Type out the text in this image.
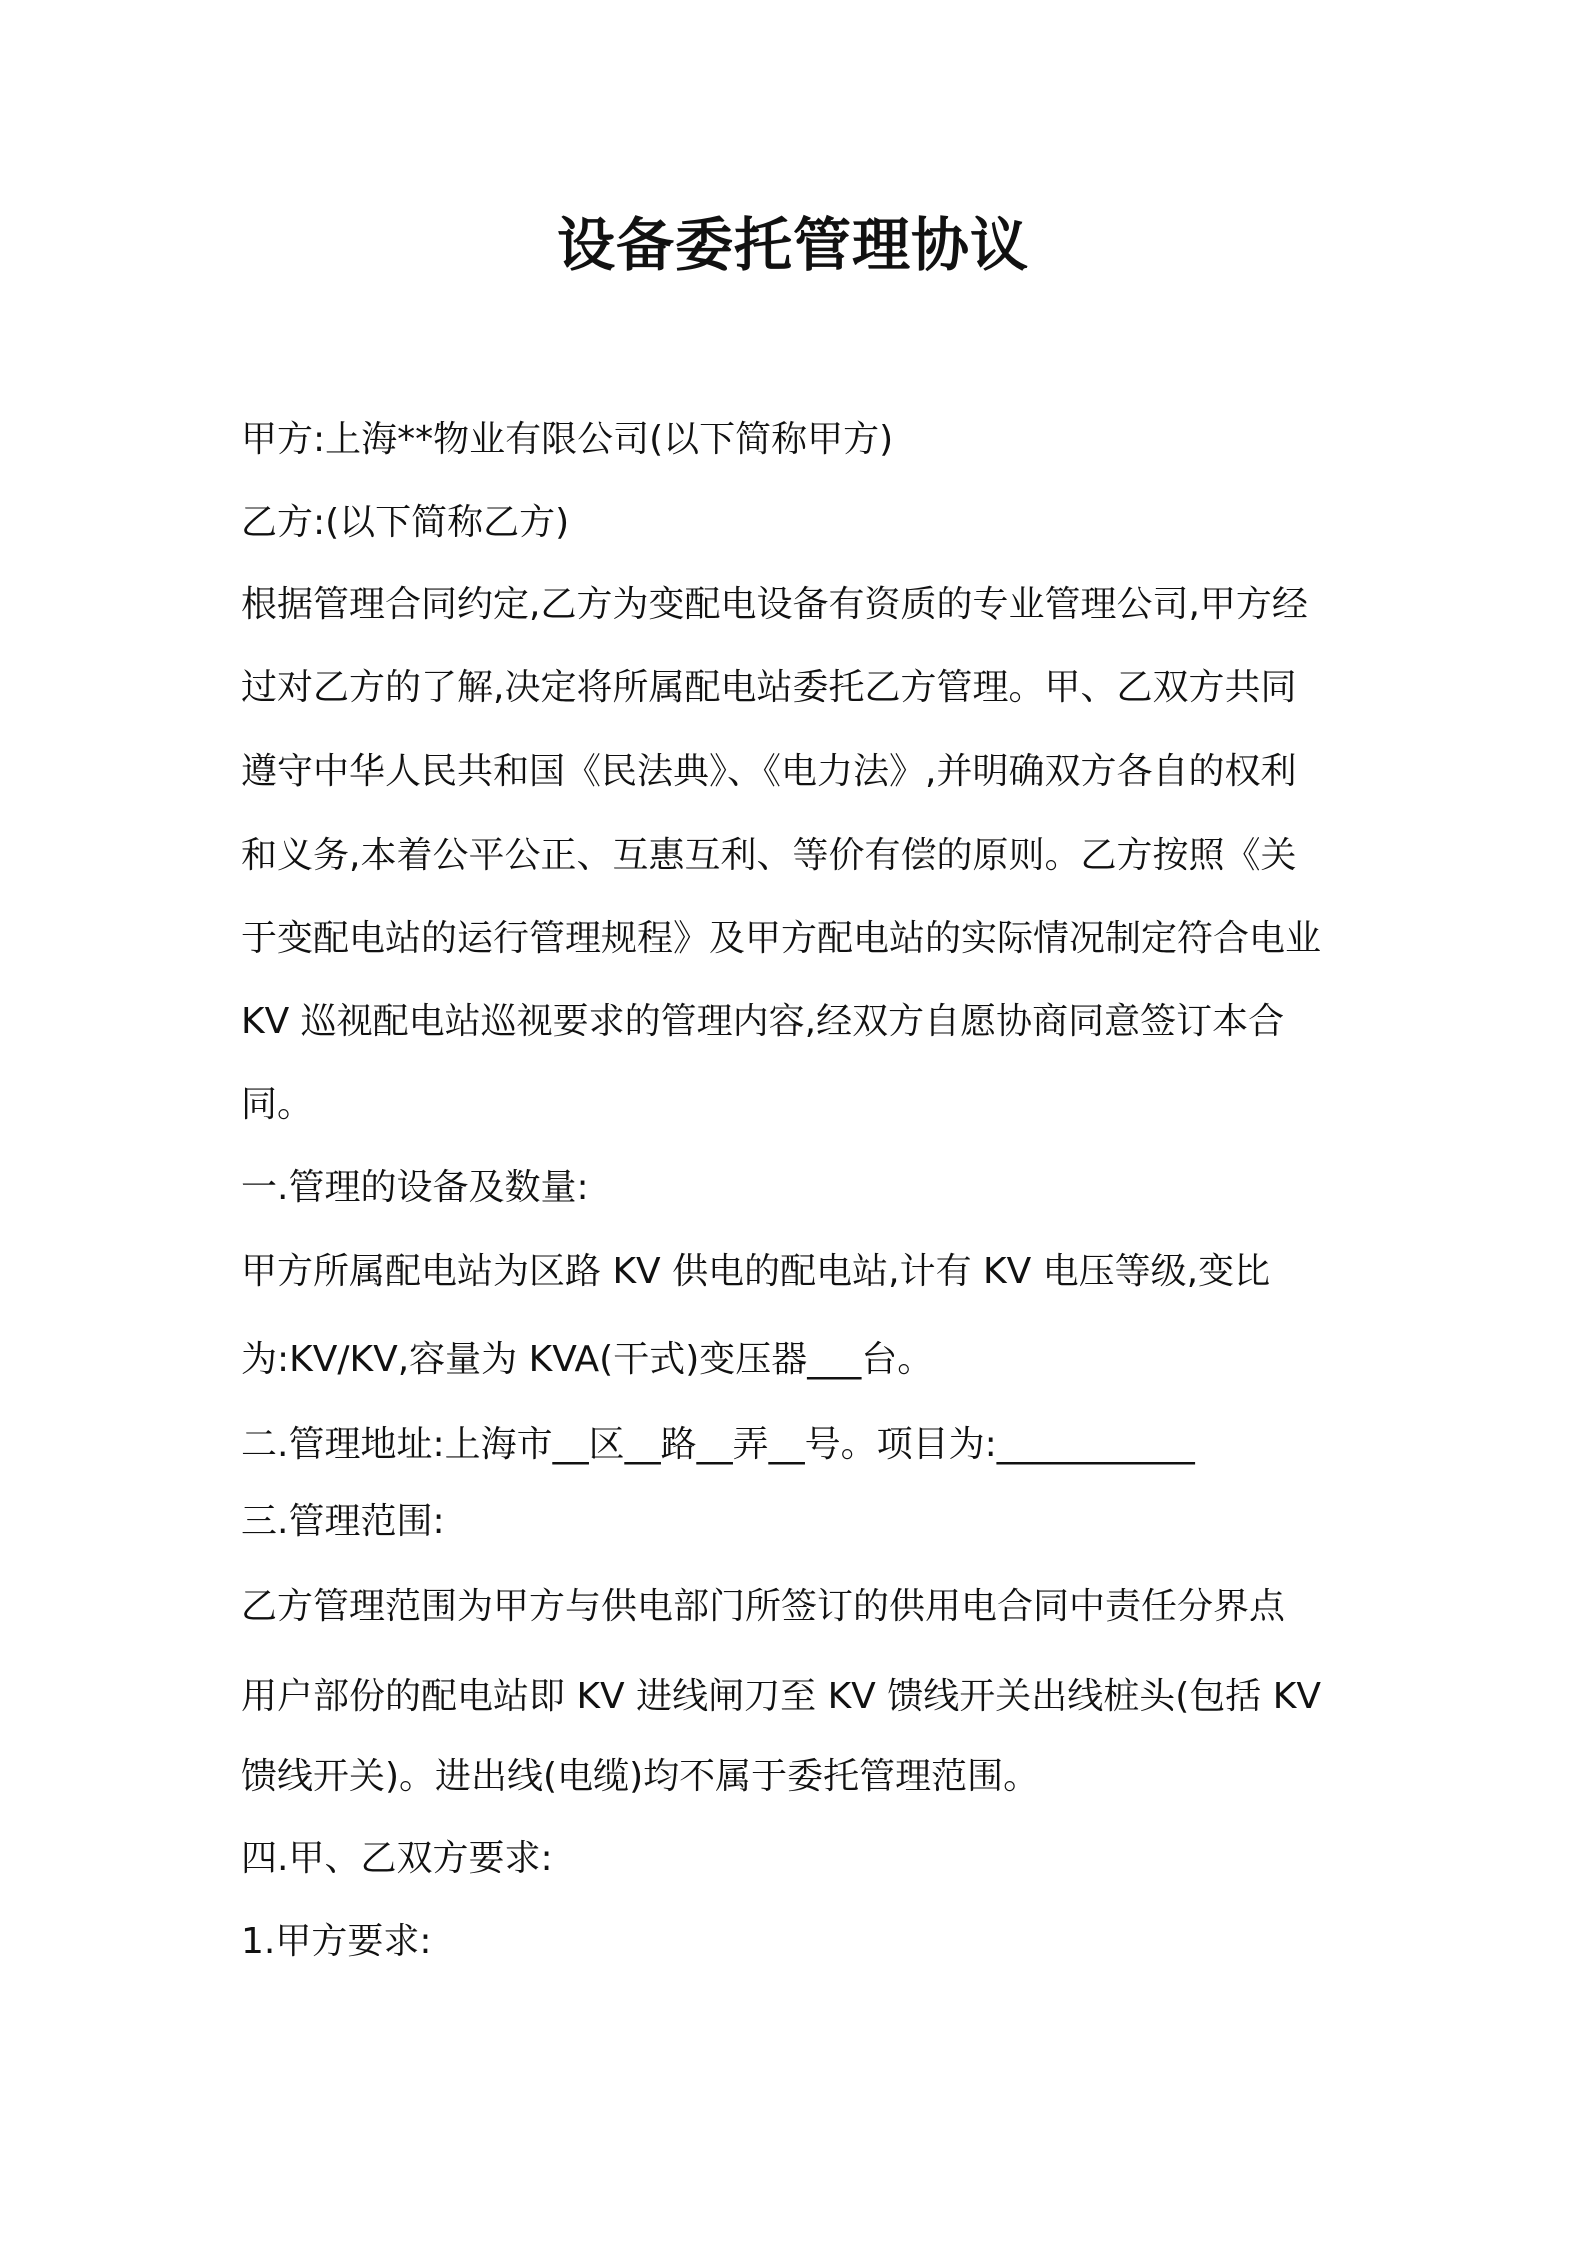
设备委托管理协议
甲方:上海**物业有限公司(以下简称甲方)
乙方:(以下简称乙方)
根据管理合同约定,乙方为变配电设备有资质的专业管理公司,甲方经
过对乙方的了解,决定将所属配电站委托乙方管理。甲、乙双方共同
遵守中华人民共和国《民法典》、《电力法》,并明确双方各自的权利
和义务,本着公平公正、互惠互利、等价有偿的原则。乙方按照《关
于变配电站的运行管理规程》及甲方配电站的实际情况制定符合电业
KV 巡视配电站巡视要求的管理内容,经双方自愿协商同意签订本合
同。
一.管理的设备及数量:
甲方所属配电站为区路 KV 供电的配电站,计有 KV 电压等级,变比
为:KV/KV,容量为 KVA(干式)变压器___台。
二.管理地址:上海市__区__路__弄__号。项目为:___________
三.管理范围:
乙方管理范围为甲方与供电部门所签订的供用电合同中责任分界点
用户部份的配电站即 KV 进线闸刀至 KV 馈线开关出线桩头(包括 KV
馈线开关)。进出线(电缆)均不属于委托管理范围。
四.甲、乙双方要求:
1.甲方要求:
